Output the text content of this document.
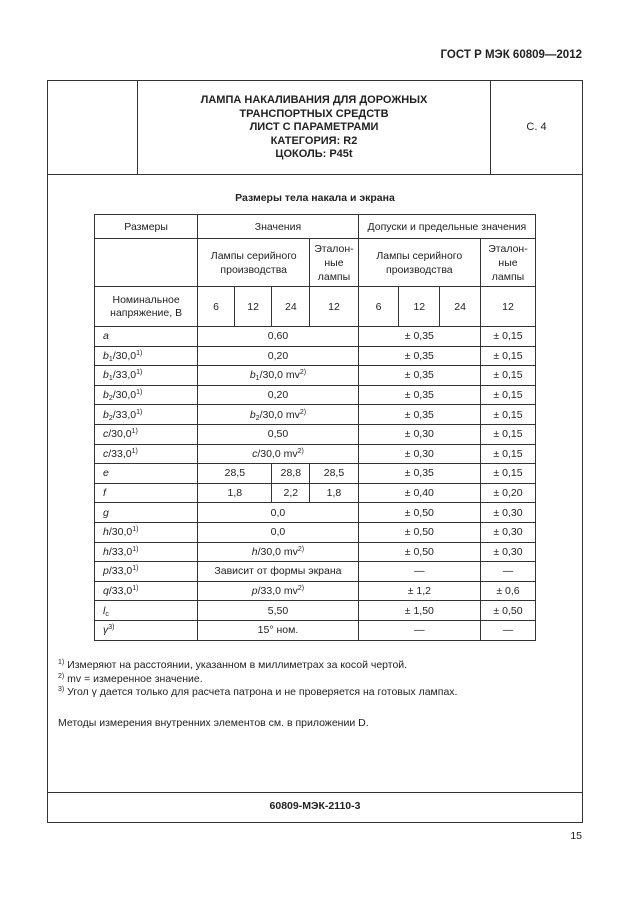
ГОСТ Р МЭК 60809—2012
ЛАМПА НАКАЛИВАНИЯ ДЛЯ ДОРОЖНЫХ
ТРАНСПОРТНЫХ СРЕДСТВ
ЛИСТ С ПАРАМЕТРАМИ
КАТЕГОРИЯ: R2
ЦОКОЛЬ: P45t
С. 4
Размеры тела накала и экрана
Размеры	Значения				Допуски и предельные значения			
	Лампы серийного производства			Эталон-ные лампы	Лампы серийного производства			Эталон-ные лампы
Номинальное напряжение, В	6	12	24	12	6	12	24	12
a	0,60				± 0,35			± 0,15
$b_1/30,0^{1)}$	0,20				± 0,35			± 0,15
$b_1/33,0^{1)}$	$b_1/30,0$ $mv^{2)}$				± 0,35			± 0,15
$b_2/30,0^{1)}$	0,20				± 0,35			± 0,15
$b_2/33,0^{1)}$	$b_2/30,0$ $mv^{2)}$				± 0,35			± 0,15
c/30,0$^{1)}$	0,50				± 0,30			± 0,15
c/33,0$^{1)}$	c/30,0 $mv^{2)}$				± 0,30			± 0,15
e	28,5		28,8	28,5	± 0,35			± 0,15
f	1,8		2,2	1,8	± 0,40			± 0,20
g	0,0				± 0,50			± 0,30
h/30,0$^{1)}$	0,0				± 0,50			± 0,30
h/33,0$^{1)}$	h/30,0 $mv^{2)}$				± 0,50			± 0,30
p/33,0$^{1)}$	Зависит от формы экрана				—			—
q/33,0$^{1)}$	p/33,0 $mv^{2)}$				± 1,2			± 0,6
$l_c$	5,50				± 1,50			± 0,50
$\gamma^{3)}$	15° ном.				—			—
$^{1)}$ Измеряют на расстоянии, указанном в миллиметрах за косой чертой.
$^{2)}$ mv = измеренное значение.
$^{3)}$ Угол γ дается только для расчета патрона и не проверяется на готовых лампах.
Методы измерения внутренних элементов см. в приложении D.
60809-МЭК-2110-3
15
